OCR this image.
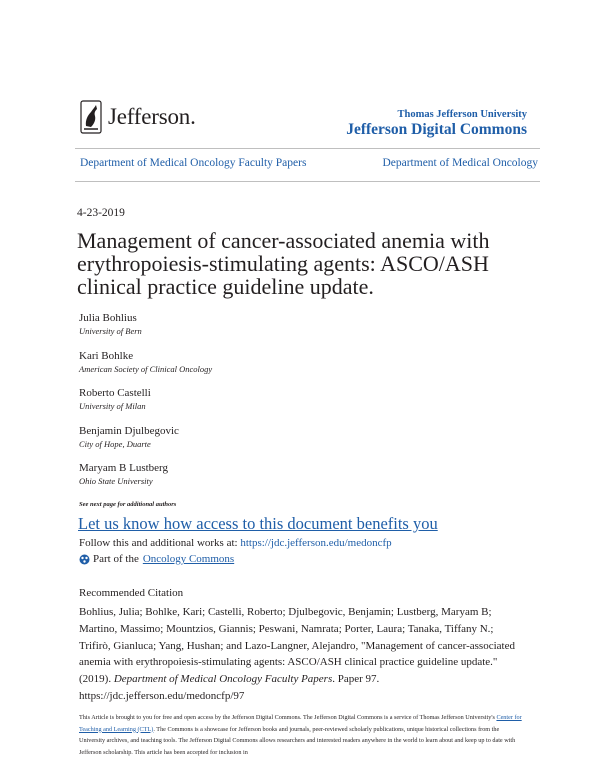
Jefferson.	Thomas Jefferson University
Jefferson Digital Commons
Department of Medical Oncology Faculty Papers	Department of Medical Oncology
4-23-2019
Management of cancer-associated anemia with erythropoiesis-stimulating agents: ASCO/ASH clinical practice guideline update.
Julia Bohlius
University of Bern
Kari Bohlke
American Society of Clinical Oncology
Roberto Castelli
University of Milan
Benjamin Djulbegovic
City of Hope, Duarte
Maryam B Lustberg
Ohio State University
See next page for additional authors
Let us know how access to this document benefits you
Follow this and additional works at: https://jdc.jefferson.edu/medoncfp
Part of the Oncology Commons
Recommended Citation
Bohlius, Julia; Bohlke, Kari; Castelli, Roberto; Djulbegovic, Benjamin; Lustberg, Maryam B; Martino, Massimo; Mountzios, Giannis; Peswani, Namrata; Porter, Laura; Tanaka, Tiffany N.; Trifirò, Gianluca; Yang, Hushan; and Lazo-Langner, Alejandro, "Management of cancer-associated anemia with erythropoiesis-stimulating agents: ASCO/ASH clinical practice guideline update." (2019). Department of Medical Oncology Faculty Papers. Paper 97.
https://jdc.jefferson.edu/medoncfp/97
This Article is brought to you for free and open access by the Jefferson Digital Commons. The Jefferson Digital Commons is a service of Thomas Jefferson University's Center for Teaching and Learning (CTL). The Commons is a showcase for Jefferson books and journals, peer-reviewed scholarly publications, unique historical collections from the University archives, and teaching tools. The Jefferson Digital Commons allows researchers and interested readers anywhere in the world to learn about and keep up to date with Jefferson scholarship. This article has been accepted for inclusion in
